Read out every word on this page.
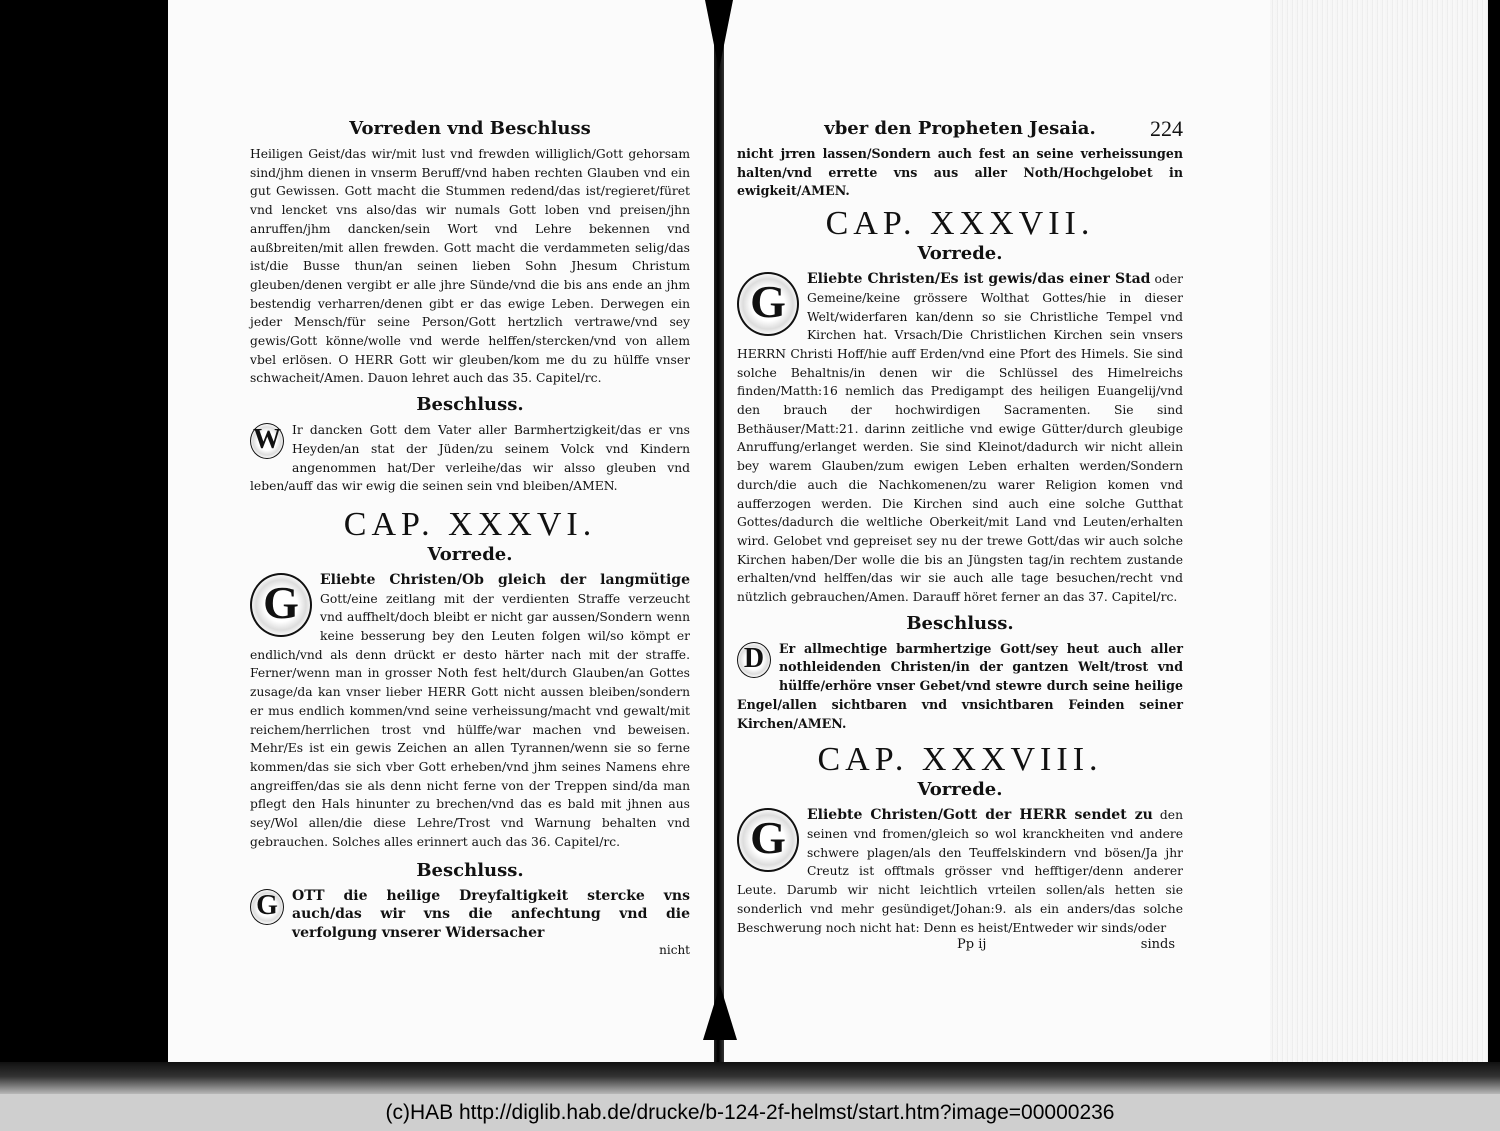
Vorreden vnd Beschluss

Heiligen Geist/das wir/mit lust vnd frewden williglich/Gott gehorsam sind/jhm dienen in vnserm Beruff/vnd haben rechten Glauben vnd ein gut Gewissen. Gott macht die Stummen redend/das ist/regieret/füret vnd lencket vns also/das wir numals Gott loben vnd preisen/jhn anruffen/jhm dancken/sein Wort vnd Lehre bekennen vnd außbreiten/mit allen frewden. Gott macht die verdammeten selig/das ist/die Busse thun/an seinen lieben Sohn Jhesum Christum gleuben/denen vergibt er alle jhre Sünde/vnd die bis ans ende an jhm bestendig verharren/denen gibt er das ewige Leben. Derwegen ein jeder Mensch/für seine Person/Gott hertzlich vertrawe/vnd sey gewis/Gott könne/wolle vnd werde helffen/stercken/vnd von allem vbel erlösen. O HERR Gott wir gleuben/kom me du zu hülffe vnser schwacheit/Amen. Dauon lehret auch das 35. Capitel/rc.

Beschluss.

W Ir dancken Gott dem Vater aller Barmhertzigkeit/das er vns Heyden/an stat der Jüden/zu seinem Volck vnd Kindern angenommen hat/Der verleihe/das wir alsso gleuben vnd leben/auff das wir ewig die seinen sein vnd bleiben/AMEN.

CAP. XXXVI.
Vorrede.

G	Eliebte Christen/Ob gleich der langmütige Gott/eine zeitlang mit der verdienten Straffe verzeucht vnd auffhelt/doch bleibt er nicht gar aussen/Sondern wenn keine besserung bey den Leuten folgen wil/so kömpt er endlich/vnd als denn drückt er desto härter nach mit der straffe. Ferner/wenn man in grosser Noth fest helt/durch Glauben/an Gottes zusage/da kan vnser lieber HERR Gott nicht aussen bleiben/sondern er mus endlich kommen/vnd seine verheissung/macht vnd gewalt/mit reichem/herrlichen trost vnd hülffe/war machen vnd beweisen. Mehr/Es ist ein gewis Zeichen an allen Tyrannen/wenn sie so ferne kommen/das sie sich vber Gott erheben/vnd jhm seines Namens ehre angreiffen/das sie als denn nicht ferne von der Treppen sind/da man pflegt den Hals hinunter zu brechen/vnd das es bald mit jhnen aus sey/Wol allen/die diese Lehre/Trost vnd Warnung behalten vnd gebrauchen. Solches alles erinnert auch das 36. Capitel/rc.

Beschluss.

G	OTT die heilige Dreyfaltigkeit stercke vns auch/das wir vns die anfechtung vnd die verfolgung vnserer Widersacher

nicht

vber den Propheten Jesaia. 224

nicht jrren lassen/Sondern auch fest an seine verheissungen halten/vnd errette vns aus aller Noth/Hochgelobet in ewigkeit/AMEN.

CAP. XXXVII.
Vorrede.

G	Eliebte Christen/Es ist gewis/das einer Stad oder Gemeine/keine grössere Wolthat Gottes/hie in dieser Welt/widerfaren kan/denn so sie Christliche Tempel vnd Kirchen hat. Vrsach/Die Christlichen Kirchen sein vnsers HERRN Christi Hoff/hie auff Erden/vnd eine Pfort des Himels. Sie sind solche Behaltnis/in denen wir die Schlüssel des Himelreichs finden/Matth:16 nemlich das Predigampt des heiligen Euangelij/vnd den brauch der hochwirdigen Sacramenten. Sie sind Bethäuser/Matt:21. darinn zeitliche vnd ewige Gütter/durch gleubige Anruffung/erlanget werden. Sie sind Kleinot/dadurch wir nicht allein bey warem Glauben/zum ewigen Leben erhalten werden/Sondern durch/die auch die Nachkomenen/zu warer Religion komen vnd aufferzogen werden. Die Kirchen sind auch eine solche Gutthat Gottes/dadurch die weltliche Oberkeit/mit Land vnd Leuten/erhalten wird. Gelobet vnd gepreiset sey nu der trewe Gott/das wir auch solche Kirchen haben/Der wolle die bis an Jüngsten tag/in rechtem zustande erhalten/vnd helffen/das wir sie auch alle tage besuchen/recht vnd nützlich gebrauchen/Amen. Darauff höret ferner an das 37. Capitel/rc.

Beschluss.

D	Er allmechtige barmhertzige Gott/sey heut auch aller nothleidenden Christen/in der gantzen Welt/trost vnd hülffe/erhöre vnser Gebet/vnd stewre durch seine heilige Engel/allen sichtbaren vnd vnsichtbaren Feinden seiner Kirchen/AMEN.

CAP. XXXVIII.
Vorrede.

G	Eliebte Christen/Gott der HERR sendet zu den seinen vnd fromen/gleich so wol kranckheiten vnd andere schwere plagen/als den Teuffelskindern vnd bösen/Ja jhr Creutz ist offtmals grösser vnd hefftiger/denn anderer Leute. Darumb wir nicht leichtlich vrteilen sollen/als hetten sie sonderlich vnd mehr gesündiget/Johan:9. als ein anders/das solche Beschwerung noch nicht hat: Denn es heist/Entweder wir sinds/oder

Pp ij	sinds
(c)HAB http://diglib.hab.de/drucke/b-124-2f-helmst/start.htm?image=00000236
